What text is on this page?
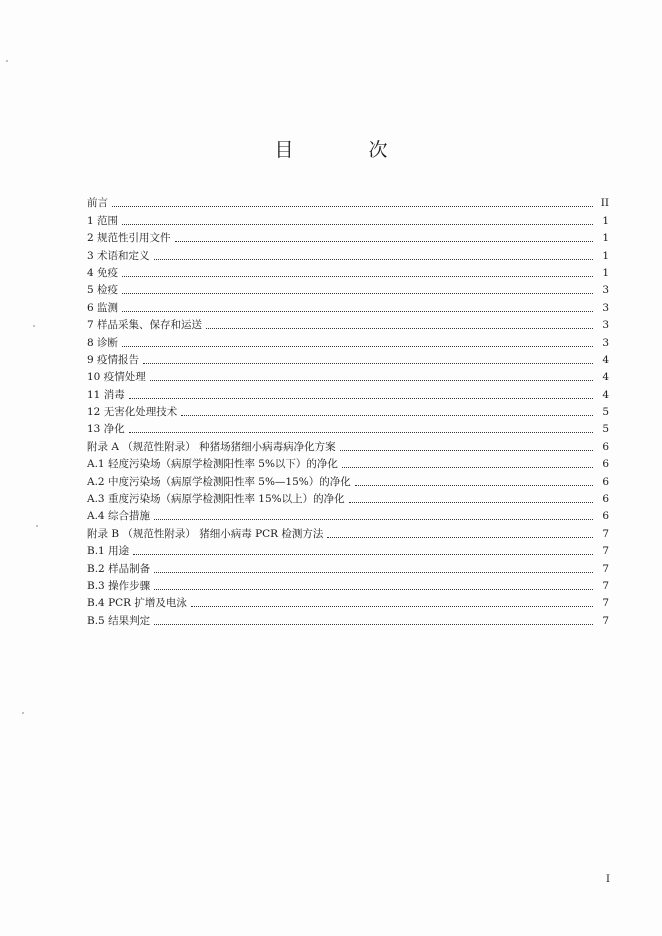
目　次
前言	II
1 范围	1
2 规范性引用文件	1
3 术语和定义	1
4 免疫	1
5 检疫	3
6 监测	3
7 样品采集、保存和运送	3
8 诊断	3
9 疫情报告	4
10 疫情处理	4
11 消毒	4
12 无害化处理技术	5
13 净化	5
附录 A （规范性附录） 种猪场猪细小病毒病净化方案	6
A.1 轻度污染场（病原学检测阳性率 5%以下）的净化	6
A.2 中度污染场（病原学检测阳性率 5%—15%）的净化	6
A.3 重度污染场（病原学检测阳性率 15%以上）的净化	6
A.4 综合措施	6
附录 B （规范性附录） 猪细小病毒 PCR 检测方法	7
B.1 用途	7
B.2 样品制备	7
B.3 操作步骤	7
B.4 PCR 扩增及电泳	7
B.5 结果判定	7
I
